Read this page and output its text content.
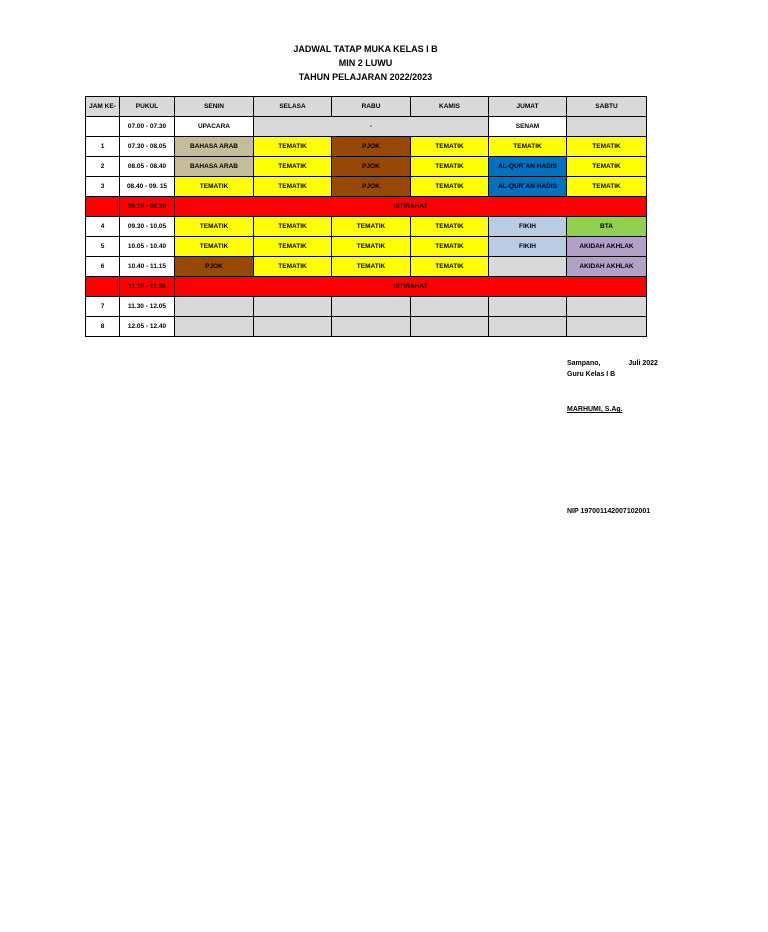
JADWAL TATAP MUKA KELAS I B
MIN 2 LUWU
TAHUN PELAJARAN 2022/2023
JAM KE-	PUKUL	SENIN	SELASA	RABU	KAMIS	JUMAT	SABTU
	07.00 - 07.30	UPACARA	-			SENAM	
1	07.30 - 08.05	BAHASA ARAB	TEMATIK	PJOK	TEMATIK	TEMATIK	TEMATIK
2	08.05 - 08.40	BAHASA ARAB	TEMATIK	PJOK	TEMATIK	AL-QUR`AN HADIS	TEMATIK
3	08.40 - 09. 15	TEMATIK	TEMATIK	PJOK	TEMATIK	AL-QUR`AN HADIS	TEMATIK
	09.15 - 09.30	ISTIRAHAT					
4	09.30 - 10.05	TEMATIK	TEMATIK	TEMATIK	TEMATIK	FIKIH	BTA
5	10.05 - 10.40	TEMATIK	TEMATIK	TEMATIK	TEMATIK	FIKIH	AKIDAH AKHLAK
6	10.40 - 11.15	PJOK	TEMATIK	TEMATIK	TEMATIK		AKIDAH AKHLAK
	11.15 - 11.30	ISTIRAHAT					
7	11.30 - 12.05						
8	12.05 - 12.40						
Sampano,	Juli 2022
Guru Kelas I B
MARHUMI, S.Ag.
NIP 197001142007102001
